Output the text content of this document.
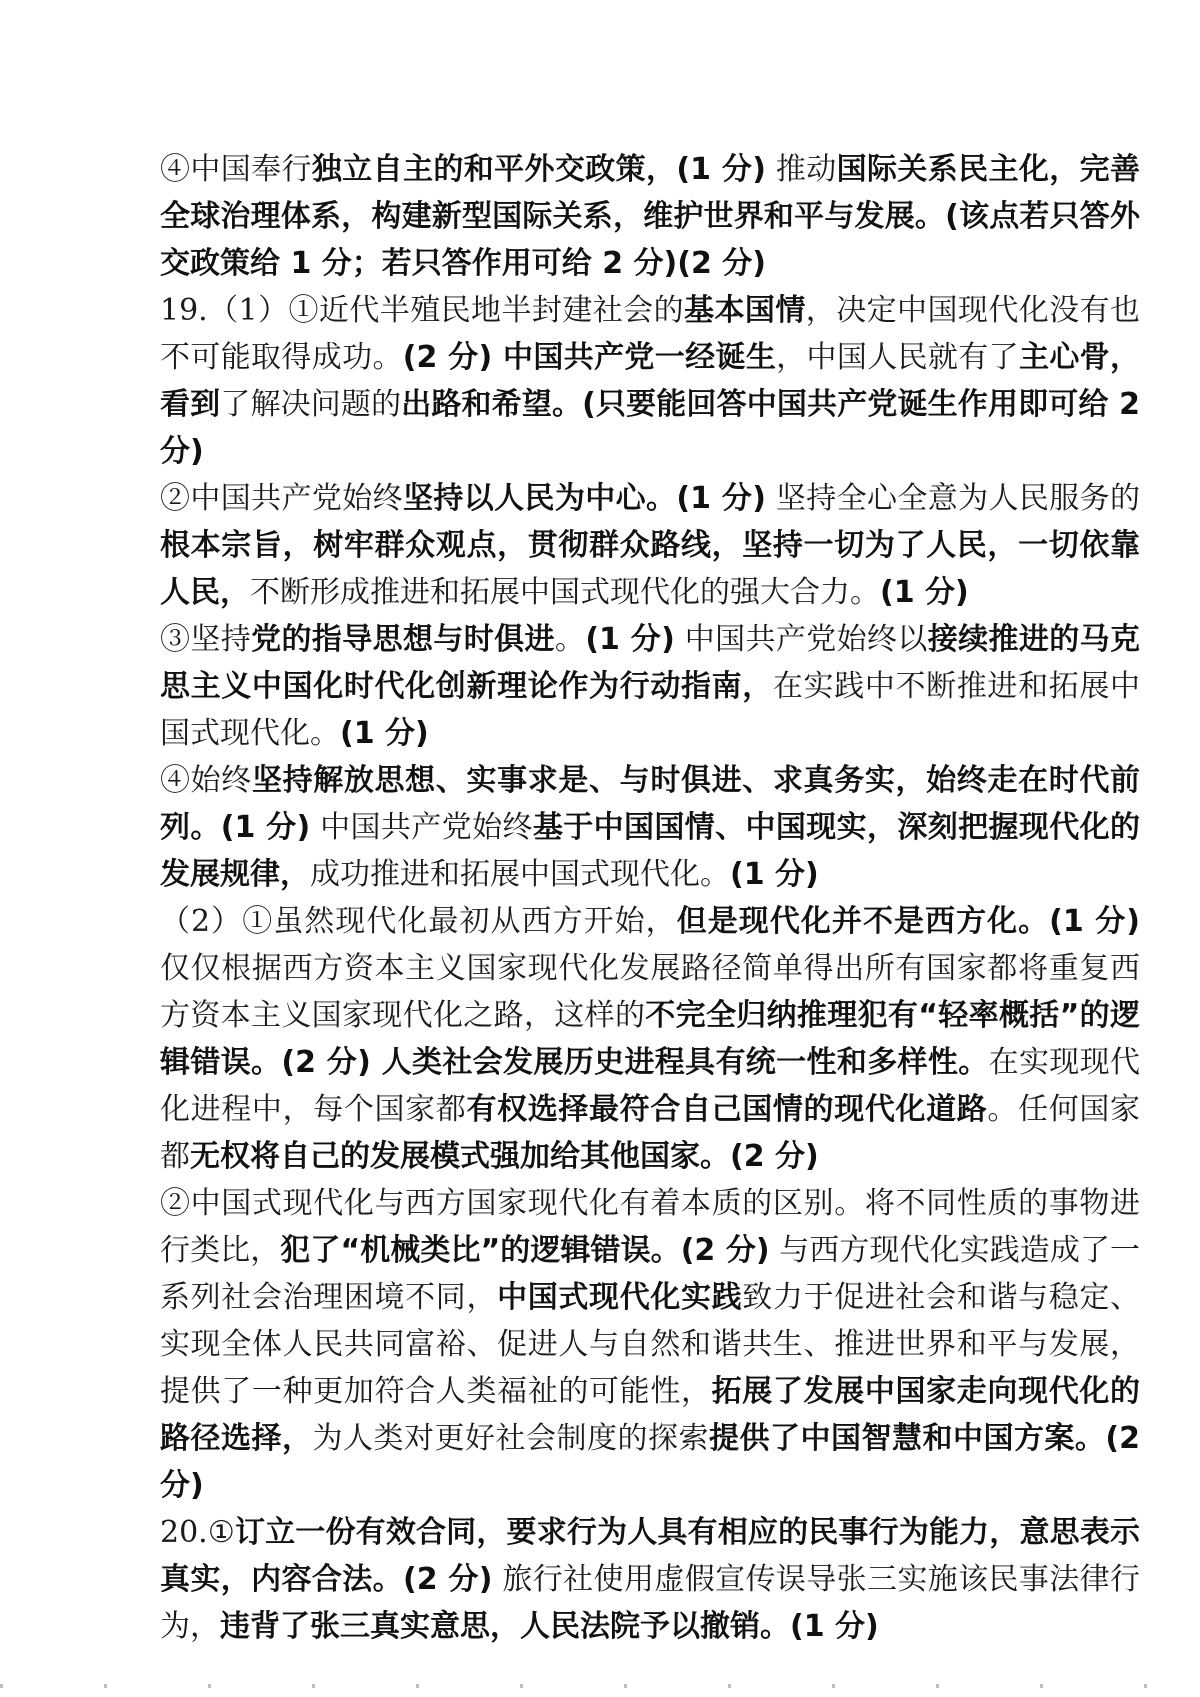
④中国奉行独立自主的和平外交政策，(1 分) 推动国际关系民主化，完善全球治理体系，构建新型国际关系，维护世界和平与发展。(该点若只答外交政策给 1 分；若只答作用可给 2 分)(2 分)

19.（1）①近代半殖民地半封建社会的基本国情，决定中国现代化没有也不可能取得成功。(2 分) 中国共产党一经诞生，中国人民就有了主心骨，看到了解决问题的出路和希望。(只要能回答中国共产党诞生作用即可给 2 分)

②中国共产党始终坚持以人民为中心。(1 分) 坚持全心全意为人民服务的根本宗旨，树牢群众观点，贯彻群众路线，坚持一切为了人民，一切依靠人民，不断形成推进和拓展中国式现代化的强大合力。(1 分)

③坚持党的指导思想与时俱进。(1 分) 中国共产党始终以接续推进的马克思主义中国化时代化创新理论作为行动指南，在实践中不断推进和拓展中国式现代化。(1 分)

④始终坚持解放思想、实事求是、与时俱进、求真务实，始终走在时代前列。(1 分) 中国共产党始终基于中国国情、中国现实，深刻把握现代化的发展规律，成功推进和拓展中国式现代化。(1 分)

（2）①虽然现代化最初从西方开始，但是现代化并不是西方化。(1 分) 仅仅根据西方资本主义国家现代化发展路径简单得出所有国家都将重复西方资本主义国家现代化之路，这样的不完全归纳推理犯有“轻率概括”的逻辑错误。(2 分) 人类社会发展历史进程具有统一性和多样性。在实现现代化进程中，每个国家都有权选择最符合自己国情的现代化道路。任何国家都无权将自己的发展模式强加给其他国家。(2 分)

②中国式现代化与西方国家现代化有着本质的区别。将不同性质的事物进行类比，犯了“机械类比”的逻辑错误。(2 分) 与西方现代化实践造成了一系列社会治理困境不同，中国式现代化实践致力于促进社会和谐与稳定、实现全体人民共同富裕、促进人与自然和谐共生、推进世界和平与发展，提供了一种更加符合人类福祉的可能性，拓展了发展中国家走向现代化的路径选择，为人类对更好社会制度的探索提供了中国智慧和中国方案。(2 分)

20.①订立一份有效合同，要求行为人具有相应的民事行为能力，意思表示真实，内容合法。(2 分) 旅行社使用虚假宣传误导张三实施该民事法律行为，违背了张三真实意思，人民法院予以撤销。(1 分)
